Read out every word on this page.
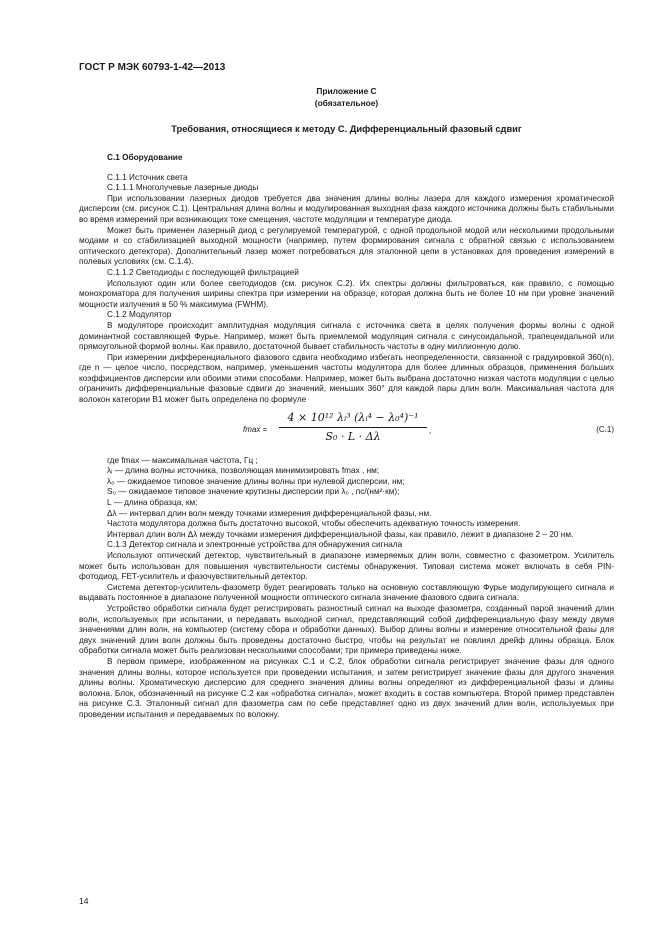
ГОСТ Р МЭК 60793-1-42—2013
Приложение С
(обязательное)
Требования, относящиеся к методу С. Дифференциальный фазовый сдвиг

С.1 Оборудование

С.1.1 Источник света

С.1.1.1 Многолучевые лазерные диоды

При использовании лазерных диодов требуется два значения длины волны лазера для каждого измерения хроматической дисперсии (см. рисунок С.1). Центральная длина волны и модулированная выходная фаза каждого источника должны быть стабильными во время измерений при возникающих токе смещения, частоте модуляции и температуре диода.

Может быть применен лазерный диод с регулируемой температурой, с одной продольной модой или несколькими продольными модами и со стабилизацией выходной мощности (например, путем формирования сигнала с обратной связью с использованием оптического детектора). Дополнительный лазер может потребоваться для эталонной цепи в установках для проведения измерений в полевых условиях (см. С.1.4).

С.1.1.2 Светодиоды с последующей фильтрацией

Используют один или более светодиодов (см. рисунок С.2). Их спектры должны фильтроваться, как правило, с помощью монохроматора для получения ширины спектра при измерении на образце, которая должна быть не более 10 нм при уровне значений мощности излучения в 50 % максимума (FWHM).

С.1.2 Модулятор

В модуляторе происходит амплитудная модуляция сигнала с источника света в целях получения формы волны с одной доминантной составляющей Фурье. Например, может быть приемлемой модуляция сигнала с синусоидальной, трапецеидальной или прямоугольной формой волны. Как правило, достаточной бывает стабильность частоты в одну миллионную долю.

При измерении дифференциального фазового сдвига необходимо избегать неопределенности, связанной с градуировкой 360(n), где n — целое число, посредством, например, уменьшения частоты модулятора для более длинных образцов, применения больших коэффициентов дисперсии или обоими этими способами. Например, может быть выбрана достаточно низкая частота модуляции с целью ограничить дифференциальные фазовые сдвиги до значений, меньших 360° для каждой пары длин волн. Максимальная частота для волокон категории В1 может быть определена по формуле

fmax =
4 × 10¹² λᵢ³ (λᵢ⁴ − λ₀⁴)⁻¹
S₀ · L · Δλ	,	(С.1)

где fmax — максимальная частота, Гц ;

λᵢ — длина волны источника, позволяющая минимизировать fmax , нм;

λ₀ — ожидаемое типовое значение длины волны при нулевой дисперсии, нм;

S₀ — ожидаемое типовое значение крутизны дисперсии при λ₀ , пс/(нм²·км);

L — длина образца, км;

Δλ — интервал длин волн между точками измерения дифференциальной фазы, нм.

Частота модулятора должна быть достаточно высокой, чтобы обеспечить адекватную точность измерения.

Интервал длин волн Δλ между точками измерения дифференциальной фазы, как правило, лежит в диапазоне 2 – 20 нм.

С.1.3 Детектор сигнала и электронные устройства для обнаружения сигнала

Используют оптический детектор, чувствительный в диапазоне измеряемых длин волн, совместно с фазометром. Усилитель может быть использован для повышения чувствительности системы обнаружения. Типовая система может включать в себя PIN-фотодиод, FET-усилитель и фазочувствительный детектор.

Система детектор-усилитель-фазометр будет реагировать только на основную составляющую Фурье модулирующего сигнала и выдавать постоянное в диапазоне полученной мощности оптического сигнала значение фазового сдвига сигнала.

Устройство обработки сигнала будет регистрировать разностный сигнал на выходе фазометра, созданный парой значений длин волн, используемых при испытании, и передавать выходной сигнал, представляющий собой дифференциальную фазу между двумя значениями длин волн, на компьютер (систему сбора и обработки данных). Выбор длины волны и измерение относительной фазы для двух значений длин волн должны быть проведены достаточно быстро, чтобы на результат не повлиял дрейф длины образца. Блок обработки сигнала может быть реализован несколькими способами; три примера приведены ниже.

В первом примере, изображенном на рисунках С.1 и С.2, блок обработки сигнала регистрирует значение фазы для одного значения длины волны, которое используется при проведении испытания, и затем регистрирует значение фазы для другого значения длины волны. Хроматическую дисперсию для среднего значения длины волны определяют из дифференциальной фазы и длины волокна. Блок, обозначенный на рисунке С.2 как «обработка сигнала», может входить в состав компьютера. Второй пример представлен на рисунке С.3. Эталонный сигнал для фазометра сам по себе представляет одно из двух значений длин волн, используемых при проведении испытания и передаваемых по волокну.

14
